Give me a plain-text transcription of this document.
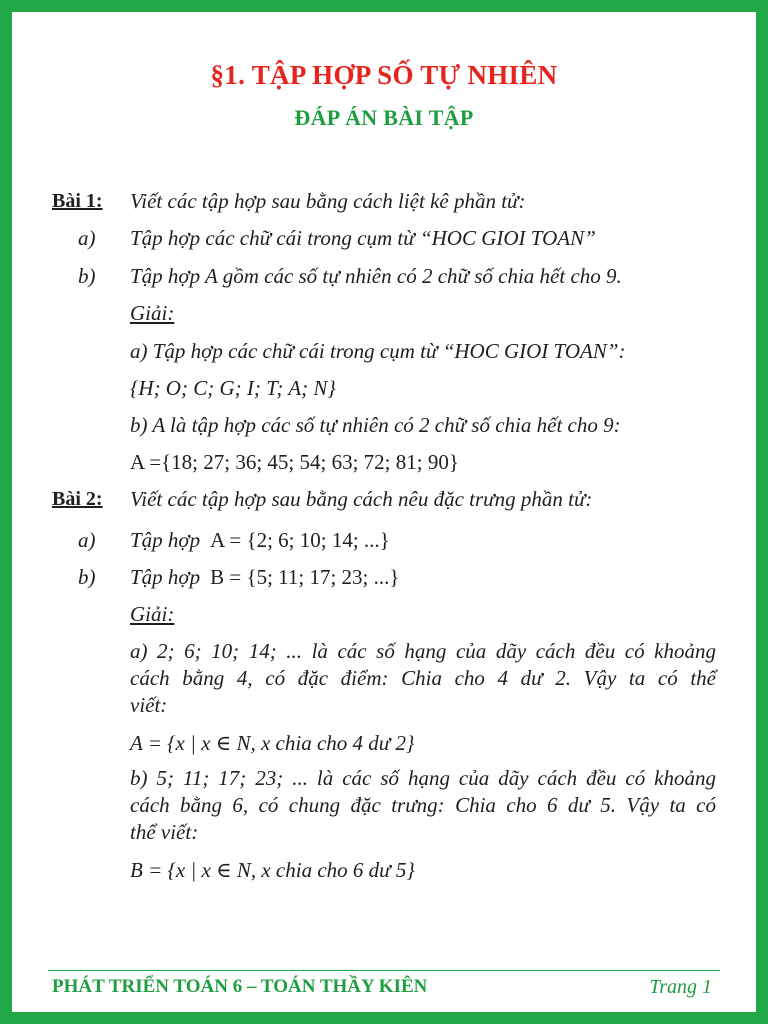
§1. TẬP HỢP SỐ TỰ NHIÊN
ĐÁP ÁN BÀI TẬP
Bài 1: Viết các tập hợp sau bằng cách liệt kê phần tử:
a) Tập hợp các chữ cái trong cụm từ “HOC GIOI TOAN”
b) Tập hợp A gồm các số tự nhiên có 2 chữ số chia hết cho 9.
Giải:
a) Tập hợp các chữ cái trong cụm từ “HOC GIOI TOAN”:
{H; O; C; G; I; T; A; N}
b) A là tập hợp các số tự nhiên có 2 chữ số chia hết cho 9:
A ={18; 27; 36; 45; 54; 63; 72; 81; 90}
Bài 2: Viết các tập hợp sau bằng cách nêu đặc trưng phần tử:
a) Tập hợp A = {2; 6; 10; 14; ...}
b) Tập hợp B = {5; 11; 17; 23; ...}
Giải:
a) 2; 6; 10; 14; ... là các số hạng của dãy cách đều có khoảng
cách bằng 4, có đặc điểm: Chia cho 4 dư 2. Vậy ta có thể
viết:
A = {x | x ∈ N, x chia cho 4 dư 2}
b) 5; 11; 17; 23; ... là các số hạng của dãy cách đều có khoảng
cách bằng 6, có chung đặc trưng: Chia cho 6 dư 5. Vậy ta có
thể viết:
B = {x | x ∈ N, x chia cho 6 dư 5}
PHÁT TRIỂN TOÁN 6 – TOÁN THẦY KIÊN	Trang 1
